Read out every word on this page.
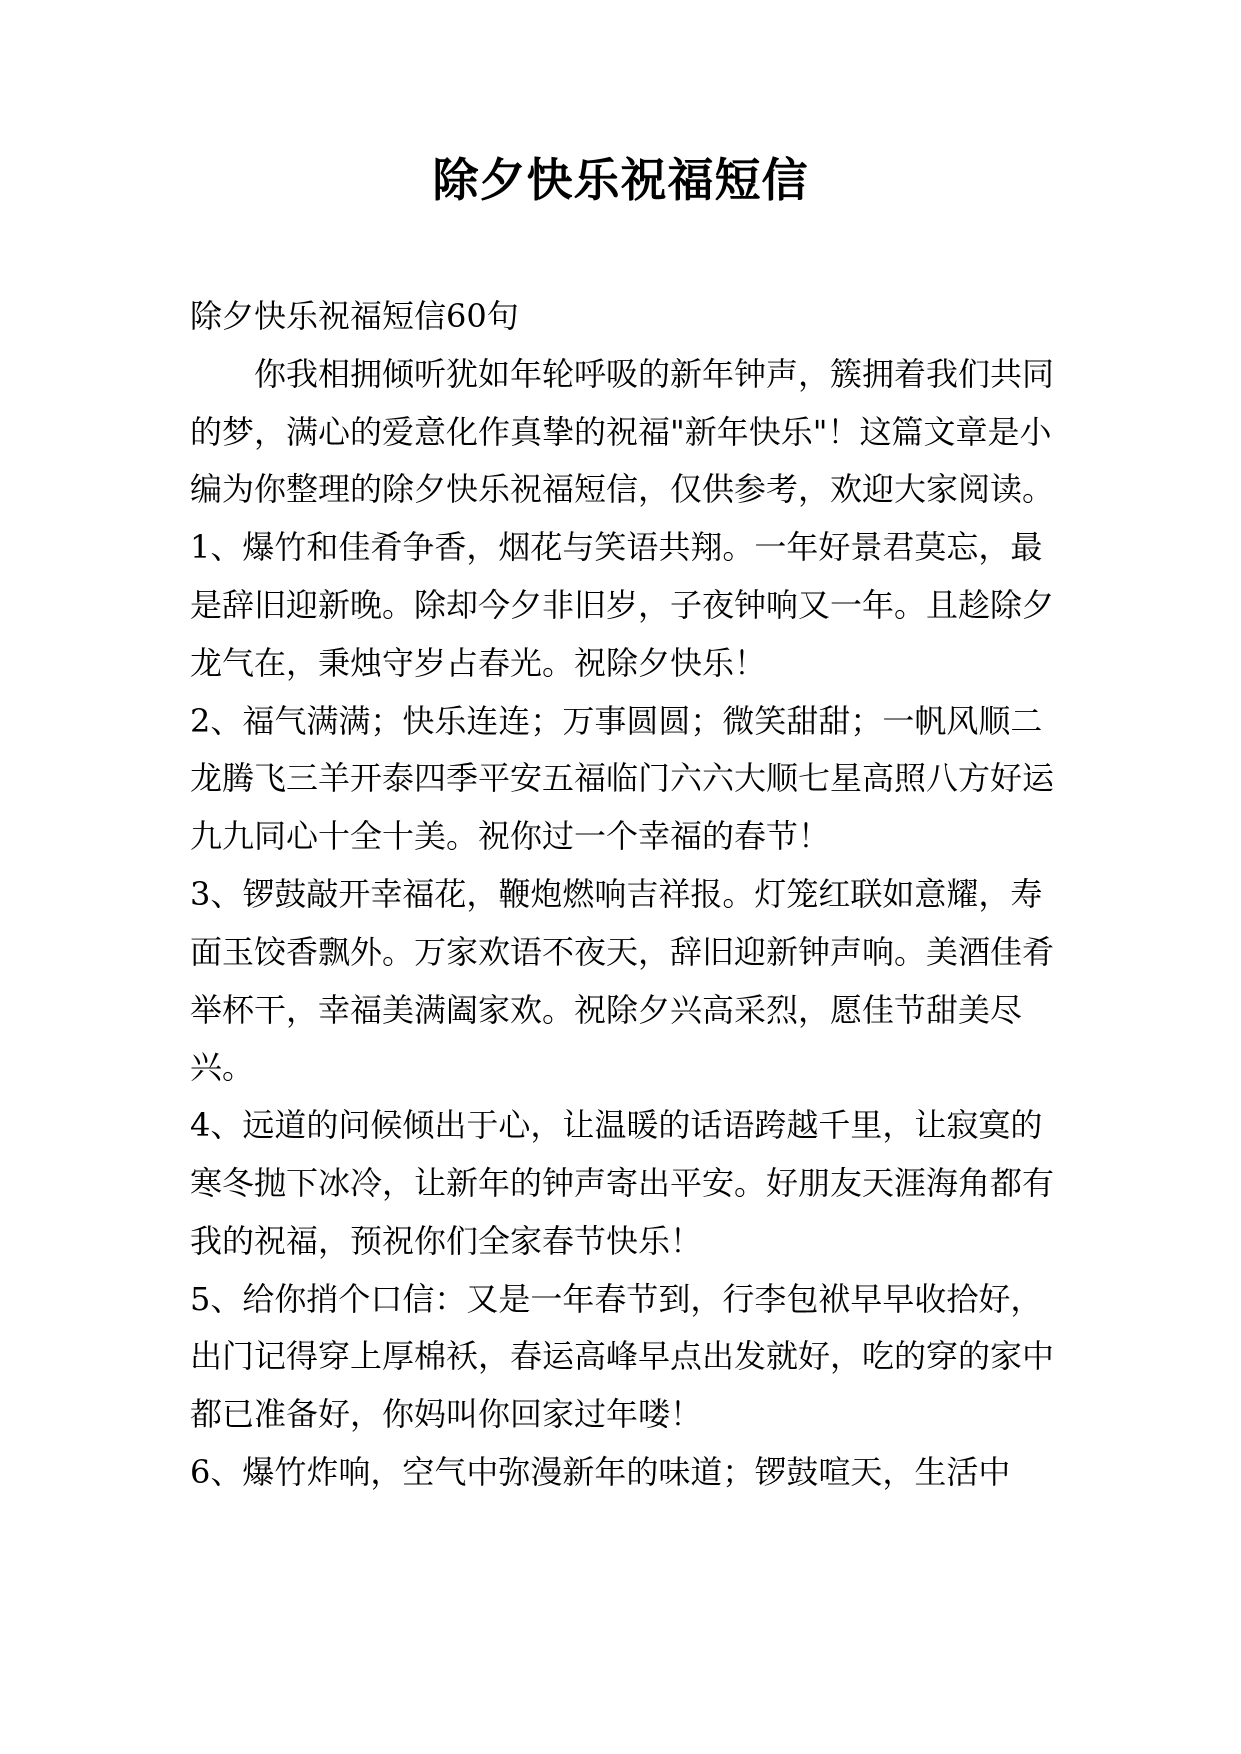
除夕快乐祝福短信

除夕快乐祝福短信60句

你我相拥倾听犹如年轮呼吸的新年钟声，簇拥着我们共同的梦，满心的爱意化作真挚的祝福"新年快乐"！这篇文章是小编为你整理的除夕快乐祝福短信，仅供参考，欢迎大家阅读。

1、爆竹和佳肴争香，烟花与笑语共翔。一年好景君莫忘，最是辞旧迎新晚。除却今夕非旧岁，子夜钟响又一年。且趁除夕龙气在，秉烛守岁占春光。祝除夕快乐！

2、福气满满；快乐连连；万事圆圆；微笑甜甜；一帆风顺二龙腾飞三羊开泰四季平安五福临门六六大顺七星高照八方好运九九同心十全十美。祝你过一个幸福的春节！

3、锣鼓敲开幸福花，鞭炮燃响吉祥报。灯笼红联如意耀，寿面玉饺香飘外。万家欢语不夜天，辞旧迎新钟声响。美酒佳肴举杯干，幸福美满阖家欢。祝除夕兴高采烈，愿佳节甜美尽兴。

4、远道的问候倾出于心，让温暖的话语跨越千里，让寂寞的寒冬抛下冰冷，让新年的钟声寄出平安。好朋友天涯海角都有我的祝福，预祝你们全家春节快乐！

5、给你捎个口信：又是一年春节到，行李包袱早早收拾好，出门记得穿上厚棉袄，春运高峰早点出发就好，吃的穿的家中都已准备好，你妈叫你回家过年喽！

6、爆竹炸响，空气中弥漫新年的味道；锣鼓喧天，生活中
